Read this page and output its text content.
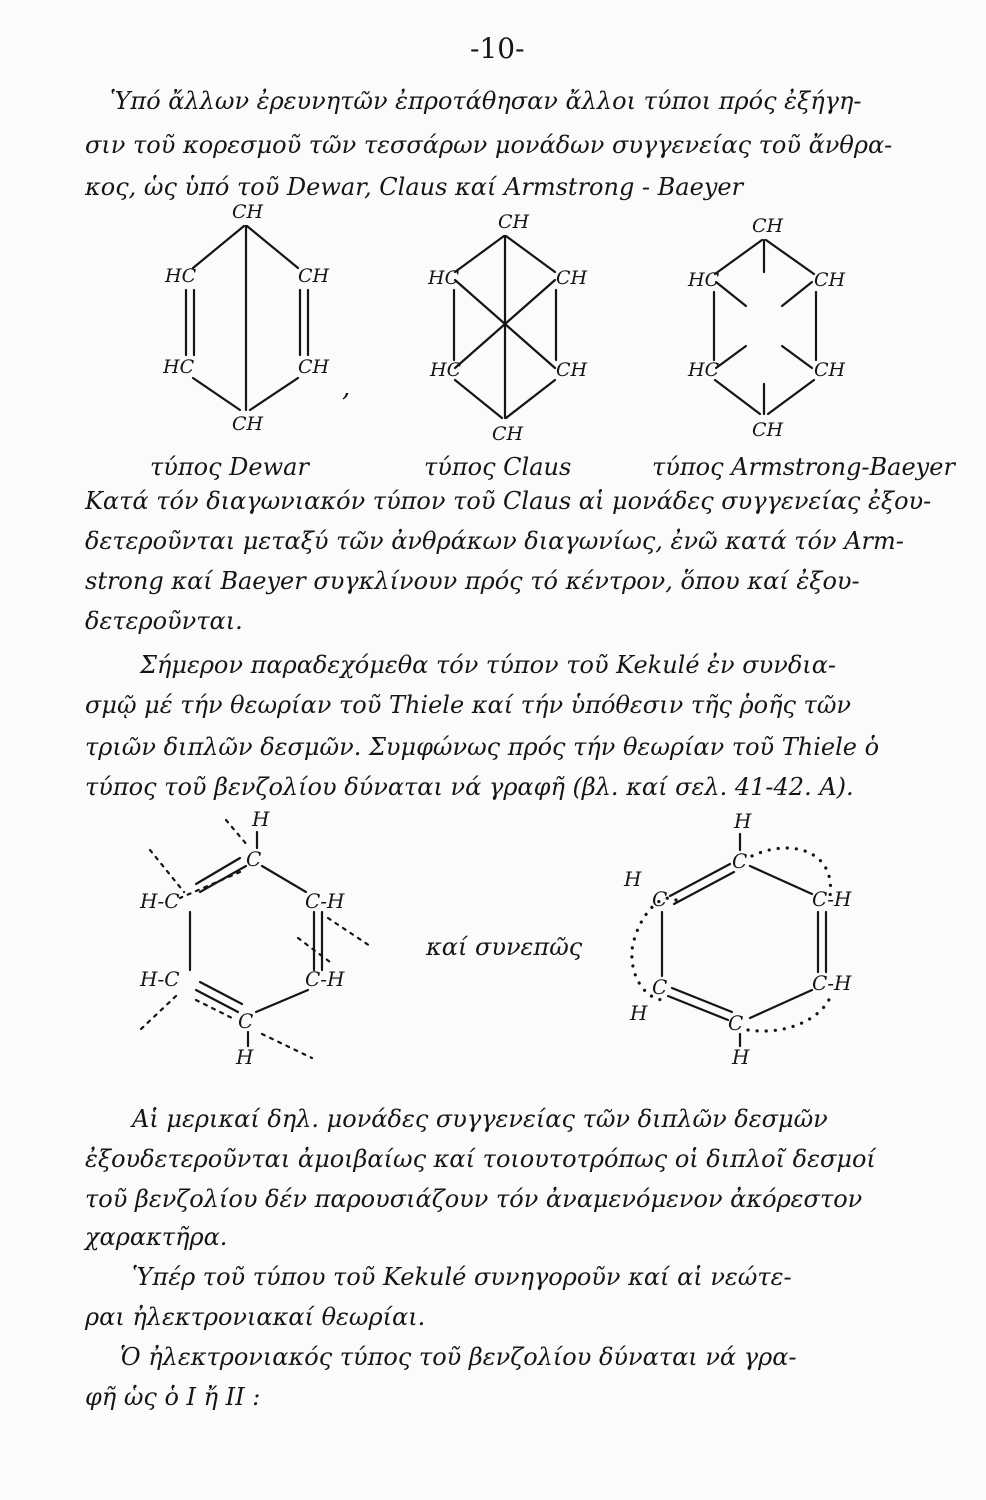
-10-
Ὑπό ἄλλων ἐρευνητῶν ἐπροτάθησαν ἄλλοι τύποι πρός ἐξήγη-
σιν τοῦ κορεσμοῦ τῶν τεσσάρων μονάδων συγγενείας τοῦ ἄνθρα-
κος, ὡς ὑπό τοῦ Dewar, Claus καί Armstrong - Baeyer
CH
HC	CH
HC	CH
CH
,
CH
HC	CH
HC	CH
CH
CH
HC	CH
HC	CH
CH
τύπος Dewar	τύπος Claus	τύπος Armstrong-Baeyer
Κατά τόν διαγωνιακόν τύπον τοῦ Claus αἱ μονάδες συγγενείας ἐξου-
δετεροῦνται μεταξύ τῶν ἀνθράκων διαγωνίως, ἐνῶ κατά τόν Arm-
strong καί Baeyer συγκλίνουν πρός τό κέντρον, ὅπου καί ἐξου-
δετεροῦνται.
Σήμερον παραδεχόμεθα τόν τύπον τοῦ Kekulé ἐν συνδια-
σμῷ μέ τήν θεωρίαν τοῦ Thiele καί τήν ὑπόθεσιν τῆς ῥοῆς τῶν
τριῶν διπλῶν δεσμῶν. Συμφώνως πρός τήν θεωρίαν τοῦ Thiele ὁ
τύπος τοῦ βενζολίου δύναται νά γραφῆ (βλ. καί σελ. 41-42. Α).
H
C
H-C	C-H
H-C	C-H
C
H
H
C
H
C	C-H
C
H
C-H
C
H
καί συνεπῶς
Αἱ μερικαί δηλ. μονάδες συγγενείας τῶν διπλῶν δεσμῶν
ἐξουδετεροῦνται ἀμοιβαίως καί τοιουτοτρόπως οἱ διπλοῖ δεσμοί
τοῦ βενζολίου δέν παρουσιάζουν τόν ἀναμενόμενον ἀκόρεστον
χαρακτῆρα.
Ὑπέρ τοῦ τύπου τοῦ Kekulé συνηγοροῦν καί αἱ νεώτε-
ραι ἠλεκτρονιακαί θεωρίαι.
Ὁ ἠλεκτρονιακός τύπος τοῦ βενζολίου δύναται νά γρα-
φῆ ὡς ὁ I ἤ II :
